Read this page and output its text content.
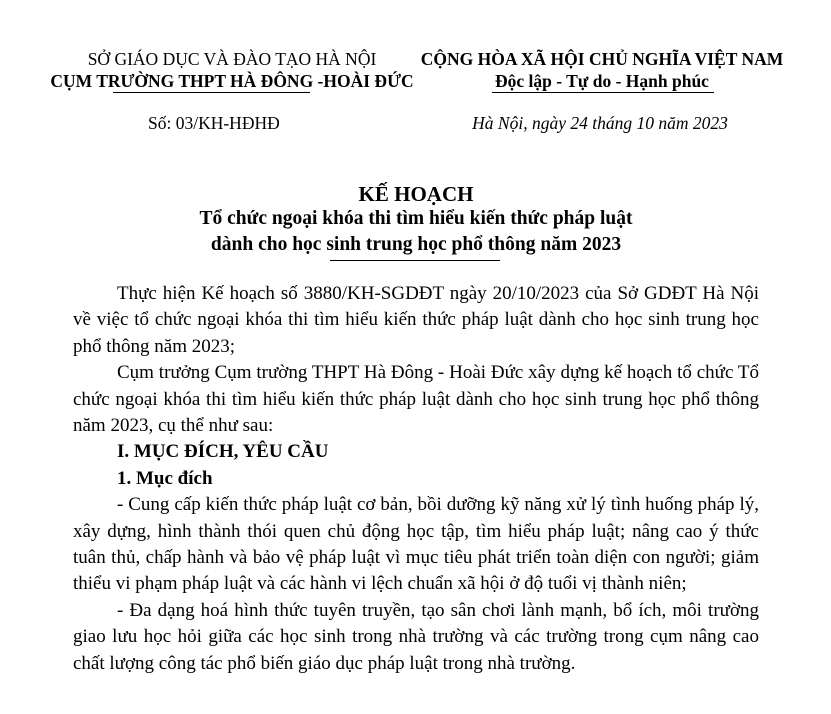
SỞ GIÁO DỤC VÀ ĐÀO TẠO HÀ NỘI
CỤM TRƯỜNG THPT HÀ ĐÔNG -HOÀI ĐỨC
CỘNG HÒA XÃ HỘI CHỦ NGHĨA VIỆT NAM
Độc lập - Tự do - Hạnh phúc
Số: 03/KH-HĐHĐ	Hà Nội, ngày 24 tháng 10 năm 2023
KẾ HOẠCH
Tổ chức ngoại khóa thi tìm hiểu kiến thức pháp luật
dành cho học sinh trung học phổ thông năm 2023

Thực hiện Kế hoạch số 3880/KH-SGDĐT ngày 20/10/2023 của Sở GDĐT Hà Nội về việc tổ chức ngoại khóa thi tìm hiểu kiến thức pháp luật dành cho học sinh trung học phổ thông năm 2023;

Cụm trưởng Cụm trường THPT Hà Đông - Hoài Đức xây dựng kế hoạch tổ chức Tổ chức ngoại khóa thi tìm hiểu kiến thức pháp luật dành cho học sinh trung học phổ thông năm 2023, cụ thể như sau:

I. MỤC ĐÍCH, YÊU CẦU

1. Mục đích

- Cung cấp kiến thức pháp luật cơ bản, bồi dưỡng kỹ năng xử lý tình huống pháp lý, xây dựng, hình thành thói quen chủ động học tập, tìm hiểu pháp luật; nâng cao ý thức tuân thủ, chấp hành và bảo vệ pháp luật vì mục tiêu phát triển toàn diện con người; giảm thiểu vi phạm pháp luật và các hành vi lệch chuẩn xã hội ở độ tuổi vị thành niên;

- Đa dạng hoá hình thức tuyên truyền, tạo sân chơi lành mạnh, bổ ích, môi trường giao lưu học hỏi giữa các học sinh trong nhà trường và các trường trong cụm nâng cao chất lượng công tác phổ biến giáo dục pháp luật trong nhà trường.
